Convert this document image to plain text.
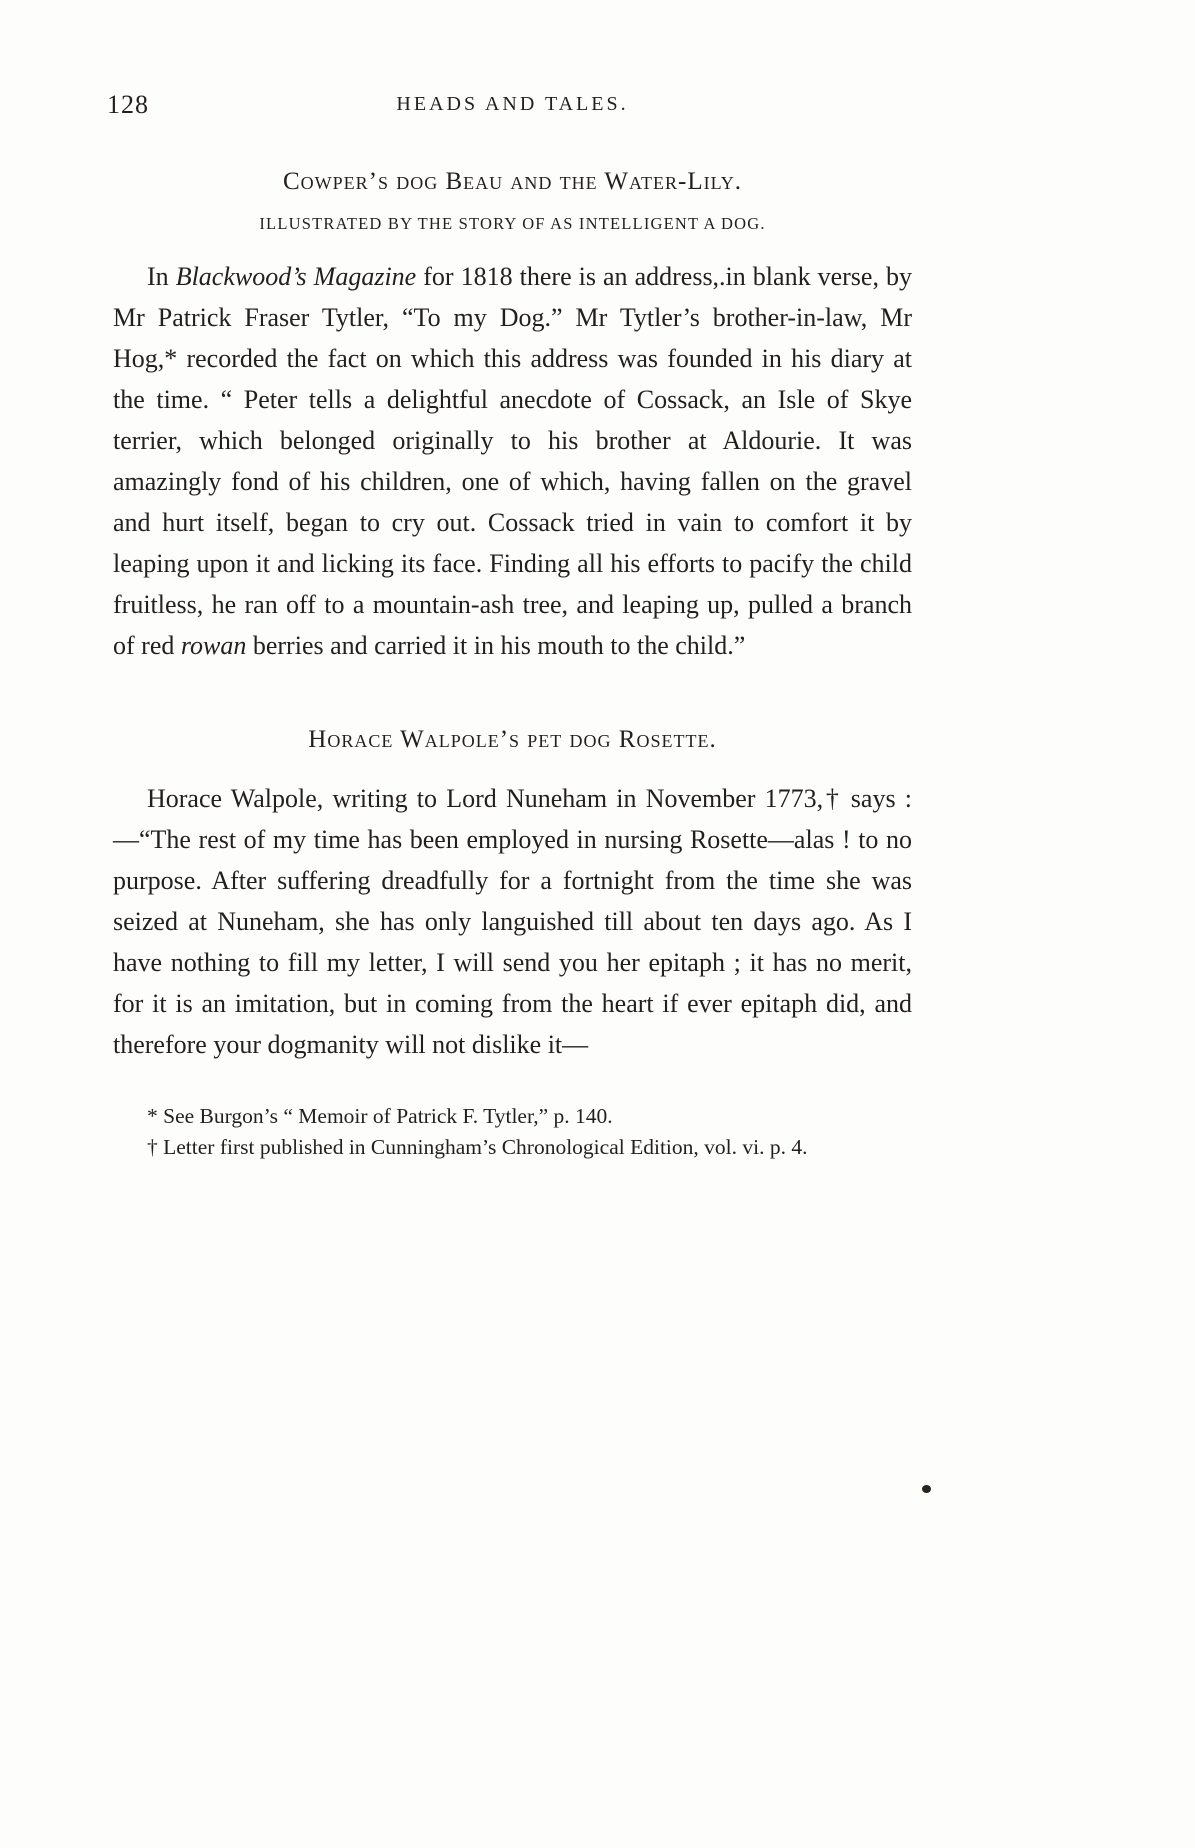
128	HEADS AND TALES.
Cowper’s dog Beau and the Water-Lily.
ILLUSTRATED BY THE STORY OF AS INTELLIGENT A DOG.

In Blackwood’s Magazine for 1818 there is an address,.in blank verse, by Mr Patrick Fraser Tytler, “To my Dog.” Mr Tytler’s brother-in-law, Mr Hog,* recorded the fact on which this address was founded in his diary at the time. “ Peter tells a delightful anecdote of Cossack, an Isle of Skye terrier, which belonged originally to his brother at Aldourie. It was amazingly fond of his children, one of which, having fallen on the gravel and hurt itself, began to cry out. Cossack tried in vain to comfort it by leaping upon it and licking its face. Finding all his efforts to pacify the child fruitless, he ran off to a mountain-ash tree, and leaping up, pulled a branch of red rowan berries and carried it in his mouth to the child.”

Horace Walpole’s pet dog Rosette.

Horace Walpole, writing to Lord Nuneham in November 1773,† says :—“The rest of my time has been employed in nursing Rosette—alas ! to no purpose. After suffering dreadfully for a fortnight from the time she was seized at Nuneham, she has only languished till about ten days ago. As I have nothing to fill my letter, I will send you her epitaph ; it has no merit, for it is an imitation, but in coming from the heart if ever epitaph did, and therefore your dogmanity will not dislike it—

* See Burgon’s “ Memoir of Patrick F. Tytler,” p. 140.

† Letter first published in Cunningham’s Chronological Edition, vol. vi. p. 4.
